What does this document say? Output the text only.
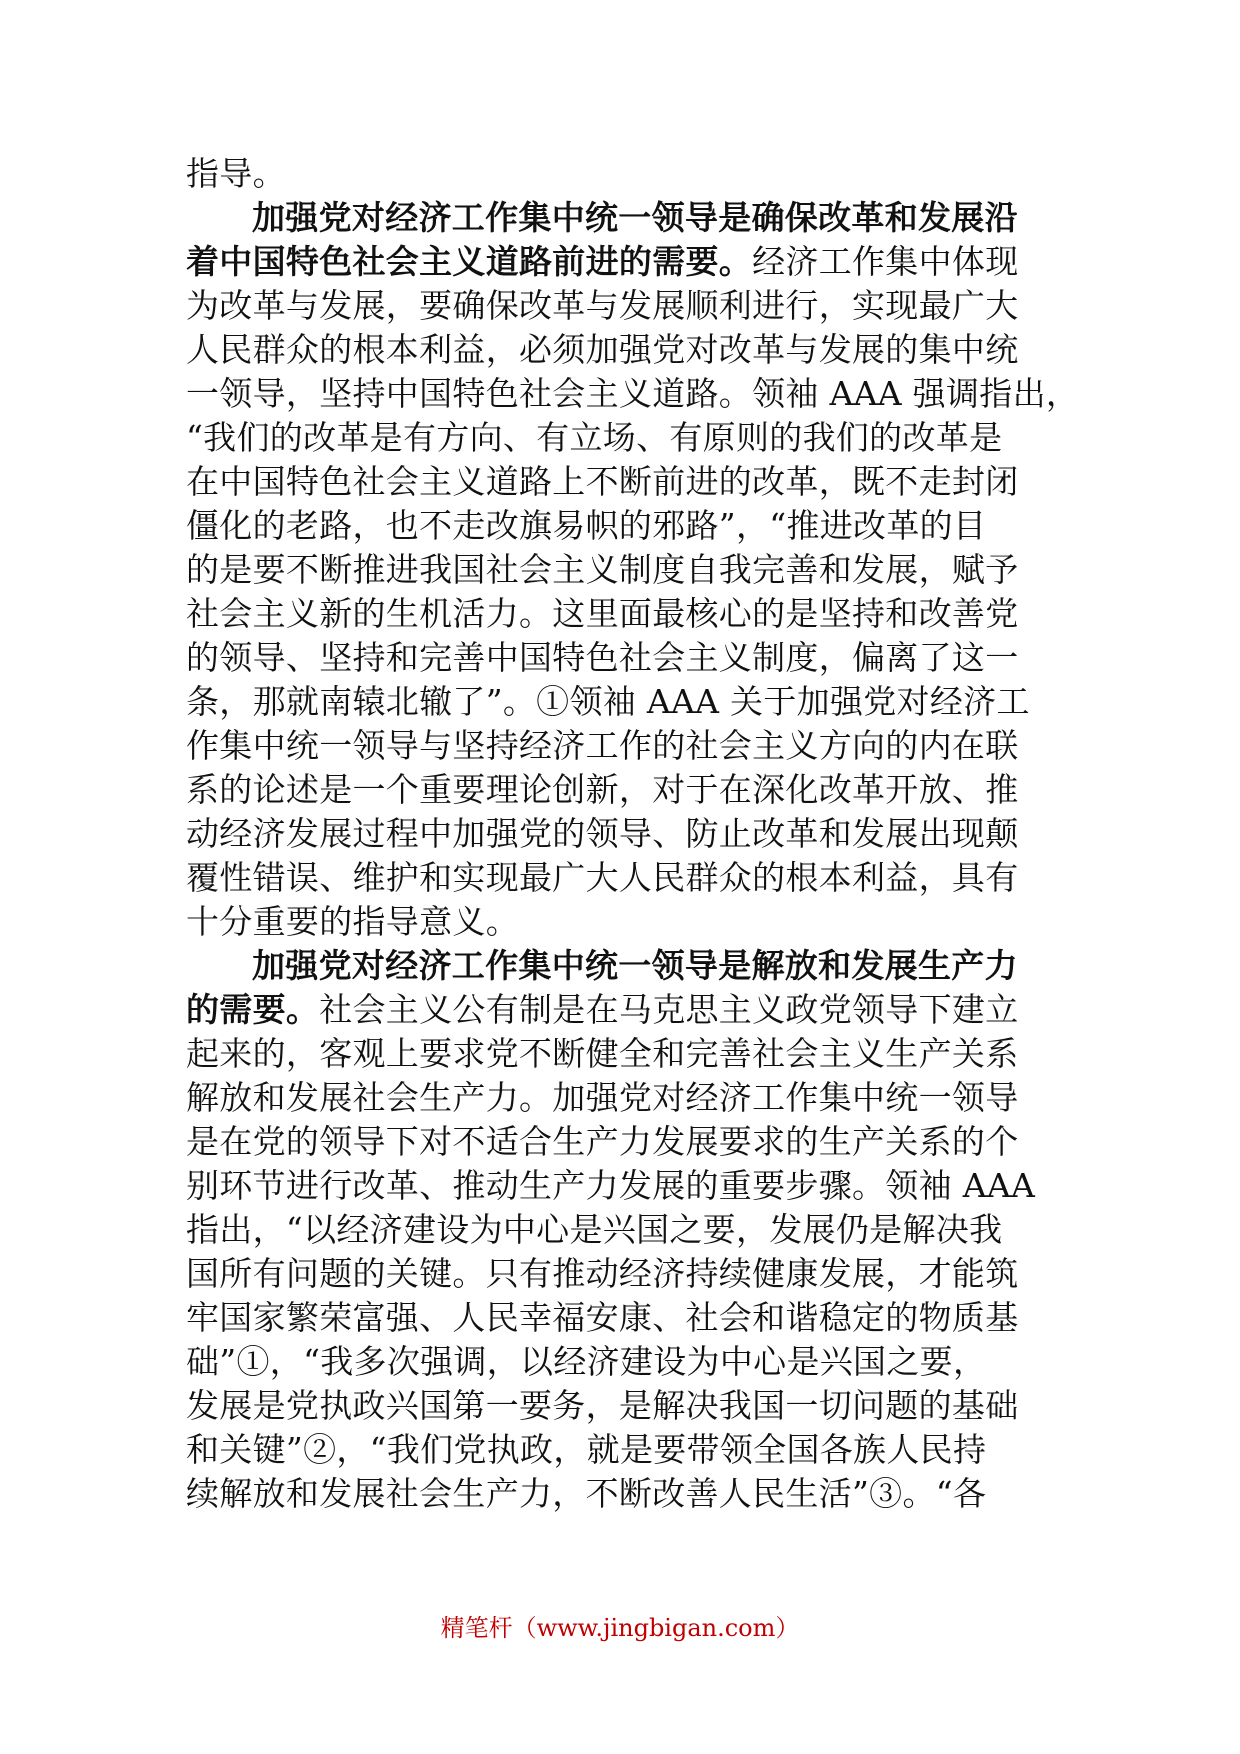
指导。
加强党对经济工作集中统一领导是确保改革和发展沿
着中国特色社会主义道路前进的需要。经济工作集中体现
为改革与发展，要确保改革与发展顺利进行，实现最广大
人民群众的根本利益，必须加强党对改革与发展的集中统
一领导，坚持中国特色社会主义道路。领袖 AAA 强调指出，
“我们的改革是有方向、有立场、有原则的我们的改革是
在中国特色社会主义道路上不断前进的改革，既不走封闭
僵化的老路，也不走改旗易帜的邪路”，“推进改革的目
的是要不断推进我国社会主义制度自我完善和发展，赋予
社会主义新的生机活力。这里面最核心的是坚持和改善党
的领导、坚持和完善中国特色社会主义制度，偏离了这一
条，那就南辕北辙了”。①领袖 AAA 关于加强党对经济工
作集中统一领导与坚持经济工作的社会主义方向的内在联
系的论述是一个重要理论创新，对于在深化改革开放、推
动经济发展过程中加强党的领导、防止改革和发展出现颠
覆性错误、维护和实现最广大人民群众的根本利益，具有
十分重要的指导意义。
加强党对经济工作集中统一领导是解放和发展生产力
的需要。社会主义公有制是在马克思主义政党领导下建立
起来的，客观上要求党不断健全和完善社会主义生产关系
解放和发展社会生产力。加强党对经济工作集中统一领导
是在党的领导下对不适合生产力发展要求的生产关系的个
别环节进行改革、推动生产力发展的重要步骤。领袖 AAA
指出，“以经济建设为中心是兴国之要，发展仍是解决我
国所有问题的关键。只有推动经济持续健康发展，才能筑
牢国家繁荣富强、人民幸福安康、社会和谐稳定的物质基
础”①，“我多次强调，以经济建设为中心是兴国之要，
发展是党执政兴国第一要务，是解决我国一切问题的基础
和关键”②，“我们党执政，就是要带领全国各族人民持
续解放和发展社会生产力，不断改善人民生活”③。“各
精笔杆（www.jingbigan.com）
